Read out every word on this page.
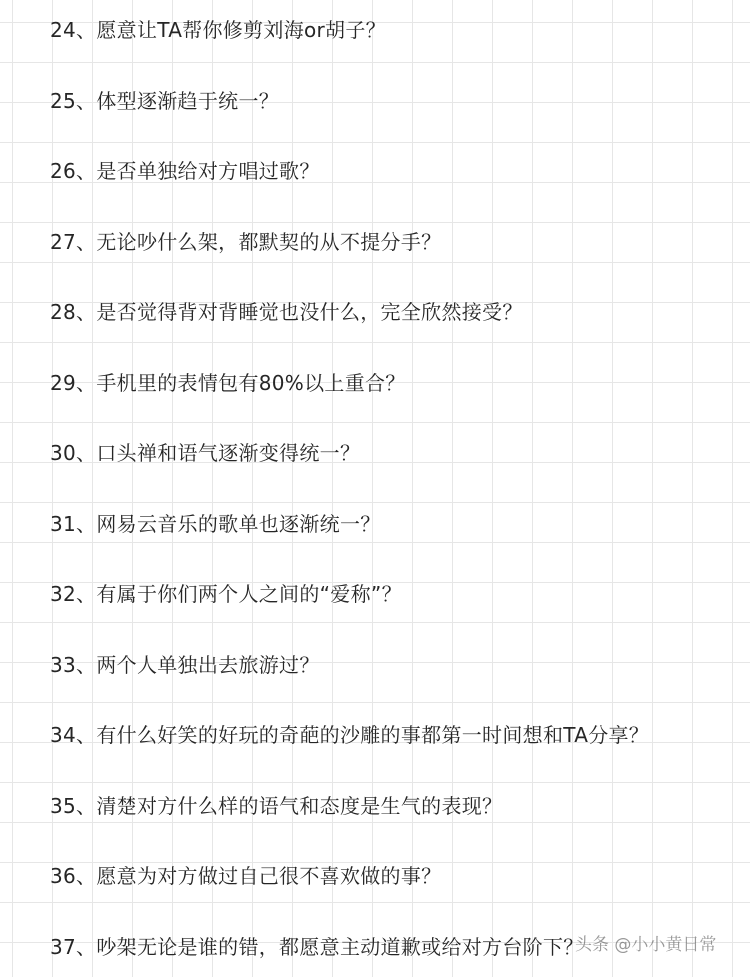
24、愿意让TA帮你修剪刘海or胡子？
25、体型逐渐趋于统一？
26、是否单独给对方唱过歌？
27、无论吵什么架，都默契的从不提分手？
28、是否觉得背对背睡觉也没什么，完全欣然接受？
29、手机里的表情包有80%以上重合？
30、口头禅和语气逐渐变得统一？
31、网易云音乐的歌单也逐渐统一？
32、有属于你们两个人之间的“爱称”？
33、两个人单独出去旅游过？
34、有什么好笑的好玩的奇葩的沙雕的事都第一时间想和TA分享？
35、清楚对方什么样的语气和态度是生气的表现？
36、愿意为对方做过自己很不喜欢做的事？
37、吵架无论是谁的错，都愿意主动道歉或给对方台阶下？
头条 @小小黄日常
